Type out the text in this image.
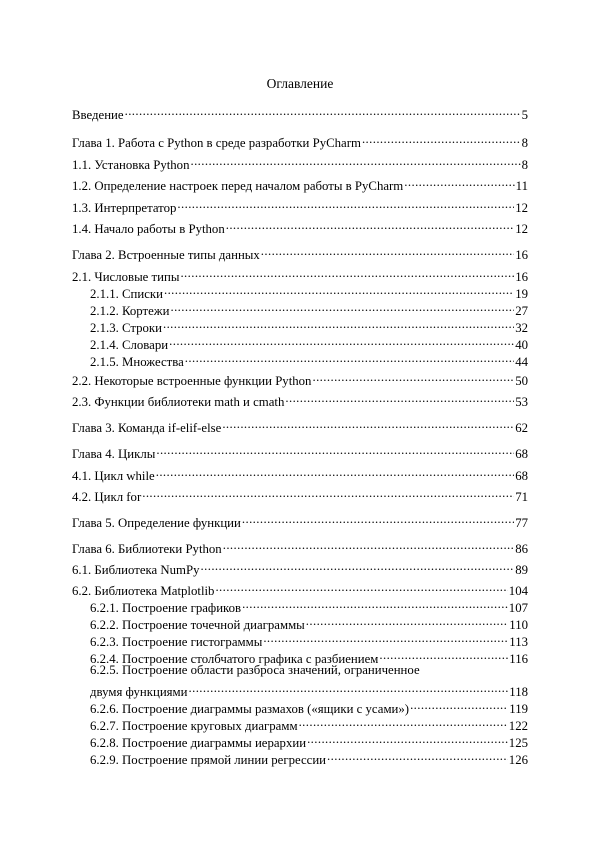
Оглавление
Введение .....	5
Глава 1. Работа с Python в среде разработки PyCharm .....	8
1.1. Установка Python .....	8
1.2. Определение настроек перед началом работы в PyCharm .....	11
1.3. Интерпретатор .....	12
1.4. Начало работы в Python .....	12
Глава 2. Встроенные типы данных .....	16
2.1. Числовые типы .....	16
2.1.1. Списки .....	19
2.1.2. Кортежи .....	27
2.1.3. Строки .....	32
2.1.4. Словари .....	40
2.1.5. Множества .....	44
2.2. Некоторые встроенные функции Python .....	50
2.3. Функции библиотеки math и cmath .....	53
Глава 3. Команда if-elif-else .....	62
Глава 4. Циклы .....	68
4.1. Цикл while .....	68
4.2. Цикл for .....	71
Глава 5. Определение функции .....	77
Глава 6. Библиотеки Python .....	86
6.1. Библиотека NumPy .....	89
6.2. Библиотека Matplotlib .....	104
6.2.1. Построение графиков .....	107
6.2.2. Построение точечной диаграммы .....	110
6.2.3. Построение гистограммы .....	113
6.2.4. Построение столбчатого графика с разбиением .....	116
6.2.5. Построение области разброса значений, ограниченное
двумя функциями .....	118
6.2.6. Построение диаграммы размахов («ящики с усами») .....	119
6.2.7. Построение круговых диаграмм .....	122
6.2.8. Построение диаграммы иерархии .....	125
6.2.9. Построение прямой линии регрессии .....	126
